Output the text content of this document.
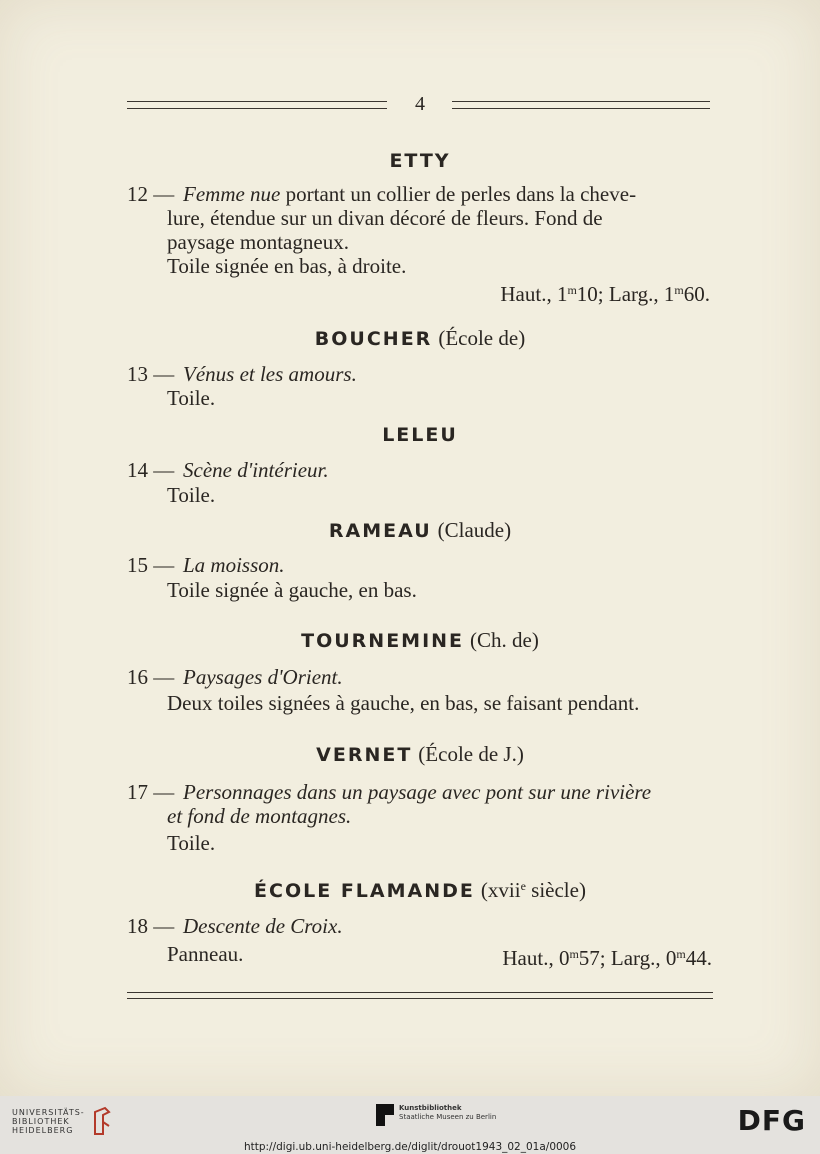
4
ETTY
12 — Femme nue portant un collier de perles dans la cheve-
lure, étendue sur un divan décoré de fleurs. Fond de
paysage montagneux.
Toile signée en bas, à droite.
Haut., 1$^m$10; Larg., 1$^m$60.
BOUCHER (École de)
13 — Vénus et les amours.
Toile.
LELEU
14 — Scène d'intérieur.
Toile.
RAMEAU (Claude)
15 — La moisson.
Toile signée à gauche, en bas.
TOURNEMINE (Ch. de)
16 — Paysages d'Orient.
Deux toiles signées à gauche, en bas, se faisant pendant.
VERNET (École de J.)
17 — Personnages dans un paysage avec pont sur une rivière
et fond de montagnes.
Toile.
ÉCOLE FLAMANDE (xvii$^e$ siècle)
18 — Descente de Croix.
Panneau.	Haut., 0$^m$57; Larg., 0$^m$44.
UNIVERSITÄTS-
BIBLIOTHEK
HEIDELBERG
Kunstbibliothek
Staatliche Museen zu Berlin	DFG
http://digi.ub.uni-heidelberg.de/diglit/drouot1943_02_01a/0006
